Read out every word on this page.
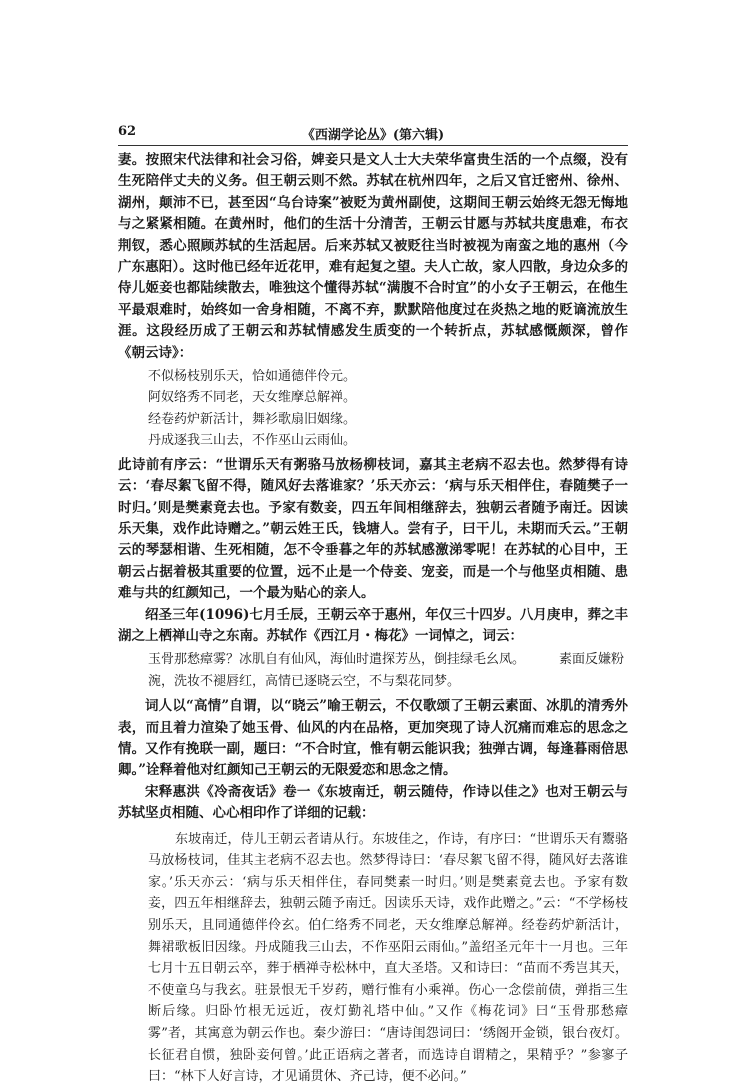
62	《西湖学论丛》(第六辑)

妻。按照宋代法律和社会习俗，婢妾只是文人士大夫荣华富贵生活的一个点缀，没有生死陪伴丈夫的义务。但王朝云则不然。苏轼在杭州四年，之后又官迁密州、徐州、湖州，颠沛不已，甚至因“乌台诗案”被贬为黄州副使，这期间王朝云始终无怨无悔地与之紧紧相随。在黄州时，他们的生活十分清苦，王朝云甘愿与苏轼共度患难，布衣荆钗，悉心照顾苏轼的生活起居。后来苏轼又被贬往当时被视为南蛮之地的惠州（今广东惠阳）。这时他已经年近花甲，难有起复之望。夫人亡故，家人四散，身边众多的侍儿姬妾也都陆续散去，唯独这个懂得苏轼“满腹不合时宜”的小女子王朝云，在他生平最艰难时，始终如一舍身相随，不离不弃，默默陪他度过在炎热之地的贬谪流放生涯。这段经历成了王朝云和苏轼情感发生质变的一个转折点，苏轼感慨颇深，曾作《朝云诗》：

不似杨枝别乐天，恰如通德伴伶元。
阿奴络秀不同老，天女维摩总解禅。
经卷药炉新活计，舞衫歌扇旧姻缘。
丹成逐我三山去，不作巫山云雨仙。

此诗前有序云：“世谓乐天有粥骆马放杨柳枝词，嘉其主老病不忍去也。然梦得有诗云：‘春尽絮飞留不得，随风好去落谁家？’乐天亦云：‘病与乐天相伴住，春随樊子一时归。’则是樊素竟去也。予家有数妾，四五年间相继辞去，独朝云者随予南迁。因读乐天集，戏作此诗赠之。”朝云姓王氏，钱塘人。尝有子，曰干儿，未期而夭云。”王朝云的琴瑟相谐、生死相随，怎不令垂暮之年的苏轼感激涕零呢！在苏轼的心目中，王朝云占据着极其重要的位置，远不止是一个侍妾、宠妾，而是一个与他坚贞相随、患难与共的红颜知己，一个最为贴心的亲人。

绍圣三年(1096)七月壬辰，王朝云卒于惠州，年仅三十四岁。八月庚申，葬之丰湖之上栖禅山寺之东南。苏轼作《西江月・梅花》一词悼之，词云：

玉骨那愁瘴雾？冰肌自有仙风，海仙时遣探芳丛，倒挂绿毛幺凤。	素面反嫌粉
涴，洗妆不褪唇红，高情已逐晓云空，不与梨花同梦。

词人以“高情”自谓，以“晓云”喻王朝云，不仅歌颂了王朝云素面、冰肌的清秀外表，而且着力渲染了她玉骨、仙风的内在品格，更加突现了诗人沉痛而难忘的思念之情。又作有挽联一副，题曰：“不合时宜，惟有朝云能识我；独弹古调，每逢暮雨倍思卿。”诠释着他对红颜知己王朝云的无限爱恋和思念之情。

宋释惠洪《冷斋夜话》卷一《东坡南迁，朝云随侍，作诗以佳之》也对王朝云与苏轼坚贞相随、心心相印作了详细的记载：

东坡南迁，侍儿王朝云者请从行。东坡佳之，作诗，有序曰：“世谓乐天有鬻骆马放杨枝词，佳其主老病不忍去也。然梦得诗曰：‘春尽絮飞留不得，随风好去落谁家。’乐天亦云：‘病与乐天相伴住，春同樊素一时归。’则是樊素竟去也。予家有数妾，四五年相继辞去，独朝云随予南迁。因读乐天诗，戏作此赠之。”云：“不学杨枝别乐天，且同通德伴伶玄。伯仁络秀不同老，天女维摩总解禅。经卷药炉新活计，舞裙歌板旧因缘。丹成随我三山去，不作巫阳云雨仙。”盖绍圣元年十一月也。三年七月十五日朝云卒，葬于栖禅寺松林中，直大圣塔。又和诗曰：“苗而不秀岂其天，不使童乌与我玄。驻景恨无千岁药，赠行惟有小乘禅。伤心一念偿前债，弹指三生断后缘。归卧竹根无远近，夜灯勤礼塔中仙。”又作《梅花词》曰“玉骨那愁瘴雾”者，其寓意为朝云作也。秦少游曰：“唐诗闺怨词曰：‘绣阁开金锁，银台夜灯。长征君自惯，独卧妾何曾。’此正语病之著者，而选诗自谓精之，果精乎？”参寥子曰：“林下人好言诗，才见诵贯休、齐己诗，便不必问。”
